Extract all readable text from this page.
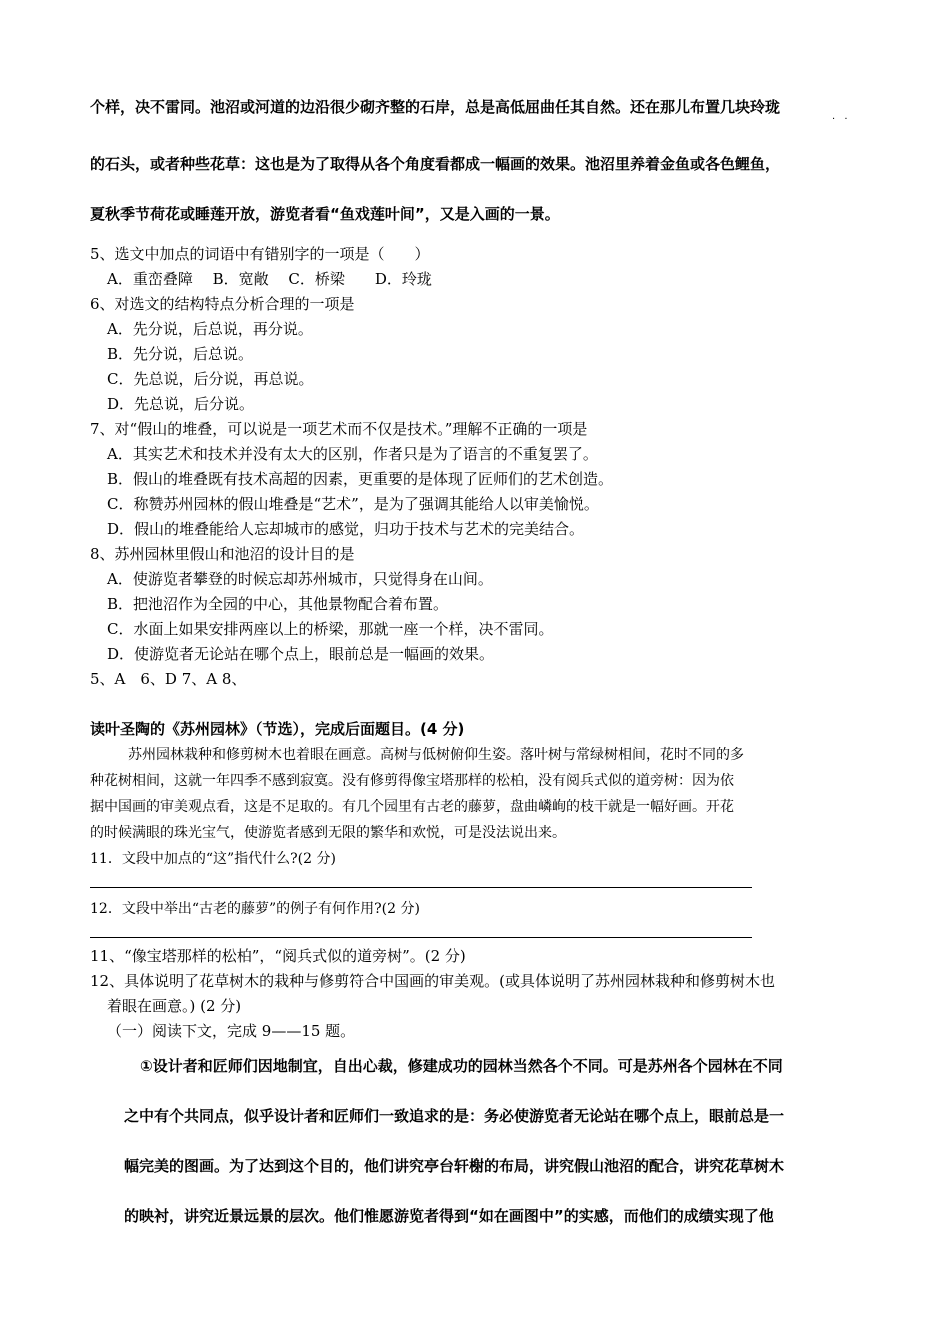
个样，决不雷同。池沼或河道的边沿很少砌齐整的石岸，总是高低屈曲任其自然。还在那儿布置几块玲珑
· ·
的石头，或者种些花草：这也是为了取得从各个角度看都成一幅画的效果。池沼里养着金鱼或各色鲤鱼，
夏秋季节荷花或睡莲开放，游览者看“鱼戏莲叶间”，又是入画的一景。
5、选文中加点的词语中有错别字的一项是（　　）
A．重峦叠障　 B．宽敞　 C．桥梁　　D．玲珑
6、对选文的结构特点分析合理的一项是
A．先分说，后总说，再分说。
B．先分说，后总说。
C．先总说，后分说，再总说。
D．先总说，后分说。
7、对“假山的堆叠，可以说是一项艺术而不仅是技术。”理解不正确的一项是
A．其实艺术和技术并没有太大的区别，作者只是为了语言的不重复罢了。
B．假山的堆叠既有技术高超的因素，更重要的是体现了匠师们的艺术创造。
C．称赞苏州园林的假山堆叠是“艺术”，是为了强调其能给人以审美愉悦。
D．假山的堆叠能给人忘却城市的感觉，归功于技术与艺术的完美结合。
8、苏州园林里假山和池沼的设计目的是
A．使游览者攀登的时候忘却苏州城市，只觉得身在山间。
B．把池沼作为全园的中心，其他景物配合着布置。
C．水面上如果安排两座以上的桥梁，那就一座一个样，决不雷同。
D．使游览者无论站在哪个点上，眼前总是一幅画的效果。
5、A　6、D 7、A 8、
读叶圣陶的《苏州园林》（节选），完成后面题目。(4 分)
苏州园林栽种和修剪树木也着眼在画意。高树与低树俯仰生姿。落叶树与常绿树相间，花时不同的多
种花树相间，这就一年四季不感到寂寞。没有修剪得像宝塔那样的松柏，没有阅兵式似的道旁树：因为依
据中国画的审美观点看，这是不足取的。有几个园里有古老的藤萝，盘曲嶙峋的枝干就是一幅好画。开花
的时候满眼的珠光宝气，使游览者感到无限的繁华和欢悦，可是没法说出来。
11．文段中加点的“这”指代什么?(2 分)
12．文段中举出“古老的藤萝”的例子有何作用?(2 分)
11、“像宝塔那样的松柏”，“阅兵式似的道旁树”。(2 分)
12、具体说明了花草树木的栽种与修剪符合中国画的审美观。(或具体说明了苏州园林栽种和修剪树木也
着眼在画意。) (2 分)
（一）阅读下文，完成 9——15 题。
①设计者和匠师们因地制宜，自出心裁，修建成功的园林当然各个不同。可是苏州各个园林在不同
之中有个共同点，似乎设计者和匠师们一致追求的是：务必使游览者无论站在哪个点上，眼前总是一
幅完美的图画。为了达到这个目的，他们讲究亭台轩榭的布局，讲究假山池沼的配合，讲究花草树木
的映衬，讲究近景远景的层次。他们惟愿游览者得到“如在画图中”的实感，而他们的成绩实现了他
